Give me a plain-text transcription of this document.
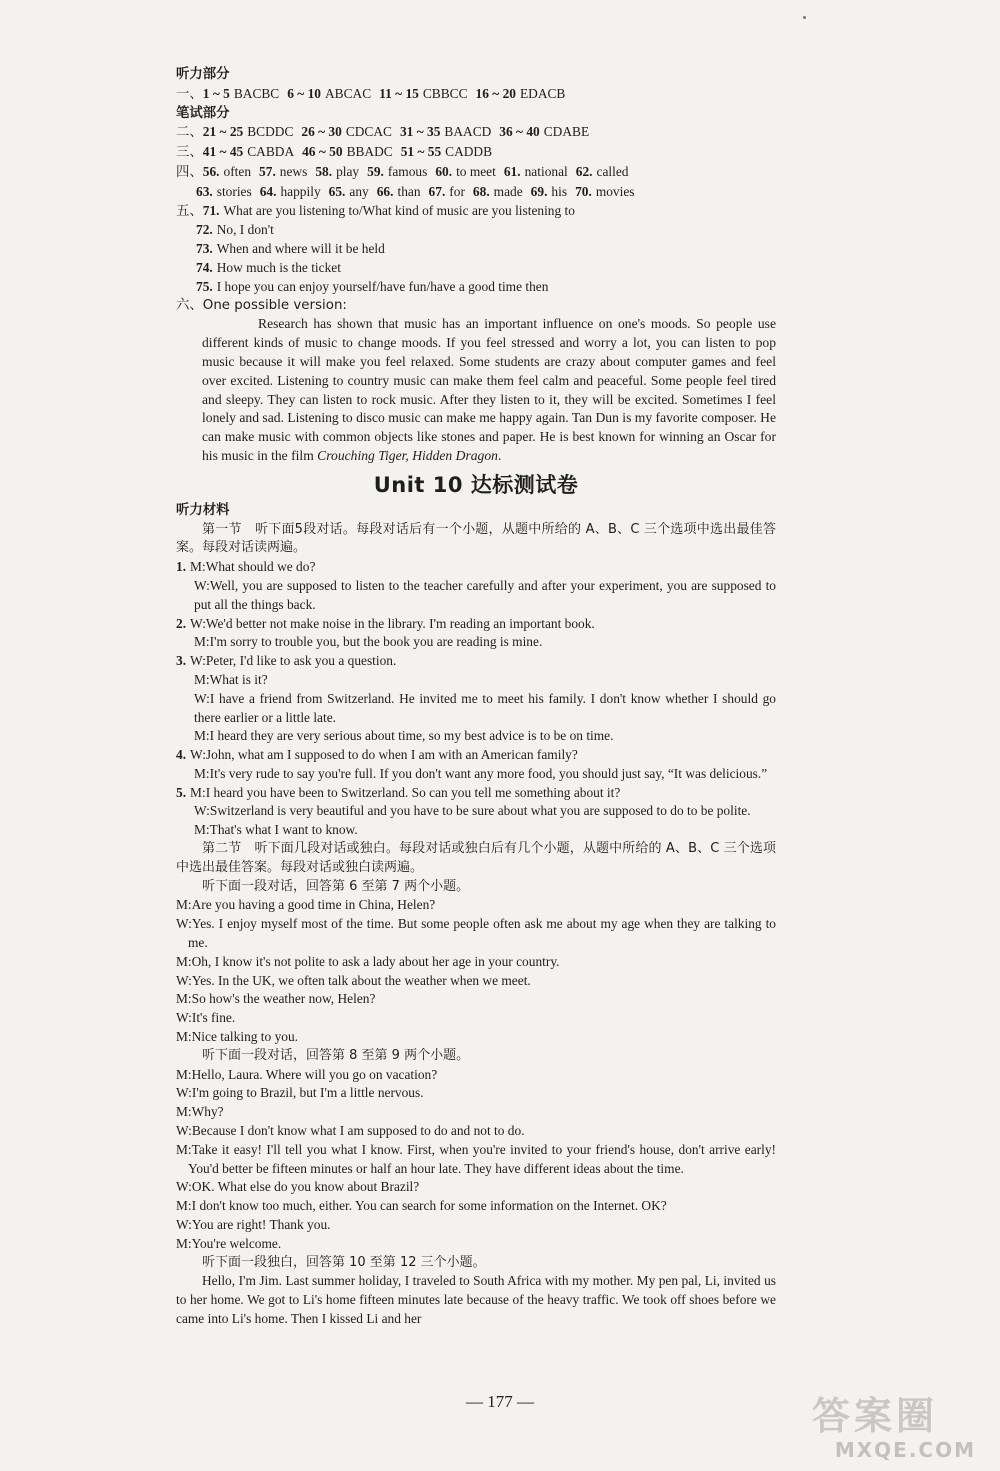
听力部分
一、1 ~ 5 BACBC 6 ~ 10 ABCAC 11 ~ 15 CBBCC 16 ~ 20 EDACB
笔试部分
二、21 ~ 25 BCDDC 26 ~ 30 CDCAC 31 ~ 35 BAACD 36 ~ 40 CDABE
三、41 ~ 45 CABDA 46 ~ 50 BBADC 51 ~ 55 CADDB
四、56. often 57. news 58. play 59. famous 60. to meet 61. national 62. called
63. stories 64. happily 65. any 66. than 67. for 68. made 69. his 70. movies
五、71. What are you listening to/What kind of music are you listening to
72. No, I don't
73. When and where will it be held
74. How much is the ticket
75. I hope you can enjoy yourself/have fun/have a good time then
六、One possible version:
Research has shown that music has an important influence on one's moods. So people use different kinds of music to change moods. If you feel stressed and worry a lot, you can listen to pop music because it will make you feel relaxed. Some students are crazy about computer games and feel over excited. Listening to country music can make them feel calm and peaceful. Some people feel tired and sleepy. They can listen to rock music. After they listen to it, they will be excited. Sometimes I feel lonely and sad. Listening to disco music can make me happy again. Tan Dun is my favorite composer. He can make music with common objects like stones and paper. He is best known for winning an Oscar for his music in the film Crouching Tiger, Hidden Dragon.
Unit 10 达标测试卷
听力材料
第一节　听下面5段对话。每段对话后有一个小题，从题中所给的 A、B、C 三个选项中选出最佳答案。每段对话读两遍。
1. M:What should we do?
W:Well, you are supposed to listen to the teacher carefully and after your experiment, you are supposed to put all the things back.
2. W:We'd better not make noise in the library. I'm reading an important book.
M:I'm sorry to trouble you, but the book you are reading is mine.
3. W:Peter, I'd like to ask you a question.
M:What is it?
W:I have a friend from Switzerland. He invited me to meet his family. I don't know whether I should go there earlier or a little late.
M:I heard they are very serious about time, so my best advice is to be on time.
4. W:John, what am I supposed to do when I am with an American family?
M:It's very rude to say you're full. If you don't want any more food, you should just say, “It was delicious.”
5. M:I heard you have been to Switzerland. So can you tell me something about it?
W:Switzerland is very beautiful and you have to be sure about what you are supposed to do to be polite.
M:That's what I want to know.
第二节　听下面几段对话或独白。每段对话或独白后有几个小题，从题中所给的 A、B、C 三个选项中选出最佳答案。每段对话或独白读两遍。
听下面一段对话，回答第 6 至第 7 两个小题。
M:Are you having a good time in China, Helen?
W:Yes. I enjoy myself most of the time. But some people often ask me about my age when they are talking to me.
M:Oh, I know it's not polite to ask a lady about her age in your country.
W:Yes. In the UK, we often talk about the weather when we meet.
M:So how's the weather now, Helen?
W:It's fine.
M:Nice talking to you.
听下面一段对话，回答第 8 至第 9 两个小题。
M:Hello, Laura. Where will you go on vacation?
W:I'm going to Brazil, but I'm a little nervous.
M:Why?
W:Because I don't know what I am supposed to do and not to do.
M:Take it easy! I'll tell you what I know. First, when you're invited to your friend's house, don't arrive early! You'd better be fifteen minutes or half an hour late. They have different ideas about the time.
W:OK. What else do you know about Brazil?
M:I don't know too much, either. You can search for some information on the Internet. OK?
W:You are right! Thank you.
M:You're welcome.
听下面一段独白，回答第 10 至第 12 三个小题。
Hello, I'm Jim. Last summer holiday, I traveled to South Africa with my mother. My pen pal, Li, invited us to her home. We got to Li's home fifteen minutes late because of the heavy traffic. We took off shoes before we came into Li's home. Then I kissed Li and her
— 177 —	答案圈
MXQE.COM
